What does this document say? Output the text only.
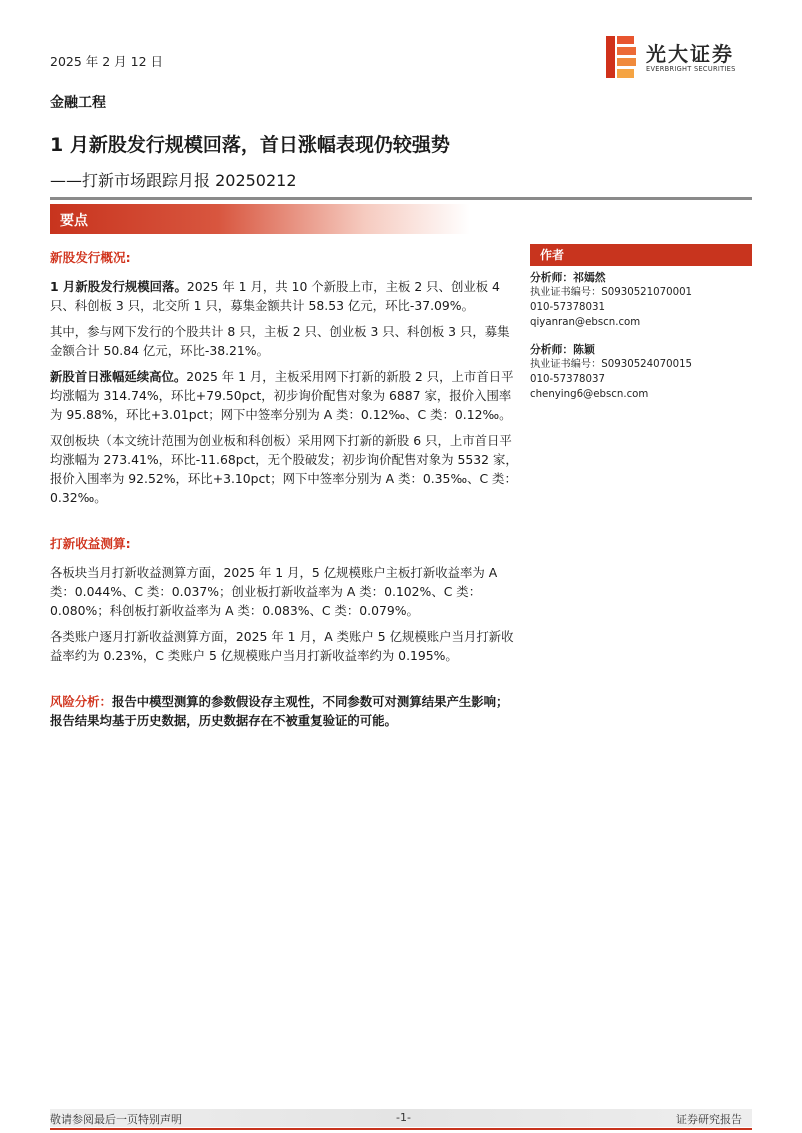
2025 年 2 月 12 日	光大证券
EVERBRIGHT SECURITIES
金融工程
1 月新股发行规模回落，首日涨幅表现仍较强势
——打新市场跟踪月报 20250212
要点

新股发行概况:

1 月新股发行规模回落。2025 年 1 月，共 10 个新股上市，主板 2 只、创业板 4 只、科创板 3 只，北交所 1 只，募集金额共计 58.53 亿元，环比-37.09%。

其中，参与网下发行的个股共计 8 只，主板 2 只、创业板 3 只、科创板 3 只，募集金额合计 50.84 亿元，环比-38.21%。

新股首日涨幅延续高位。2025 年 1 月，主板采用网下打新的新股 2 只，上市首日平均涨幅为 314.74%，环比+79.50pct，初步询价配售对象为 6887 家，报价入围率为 95.88%，环比+3.01pct；网下中签率分别为 A 类：0.12‰、C 类：0.12‰。

双创板块（本文统计范围为创业板和科创板）采用网下打新的新股 6 只，上市首日平均涨幅为 273.41%，环比-11.68pct，无个股破发；初步询价配售对象为 5532 家，报价入围率为 92.52%，环比+3.10pct；网下中签率分别为 A 类：0.35‰、C 类：0.32‰。

打新收益测算:

各板块当月打新收益测算方面，2025 年 1 月，5 亿规模账户主板打新收益率为 A 类：0.044%、C 类：0.037%；创业板打新收益率为 A 类：0.102%、C 类：0.080%；科创板打新收益率为 A 类：0.083%、C 类：0.079%。

各类账户逐月打新收益测算方面，2025 年 1 月，A 类账户 5 亿规模账户当月打新收益率约为 0.23%，C 类账户 5 亿规模账户当月打新收益率约为 0.195%。

风险分析：报告中模型测算的参数假设存主观性，不同参数可对测算结果产生影响；报告结果均基于历史数据，历史数据存在不被重复验证的可能。

作者
分析师：祁嫣然
执业证书编号：S0930521070001
010-57378031
qiyanran@ebscn.com
分析师：陈颖
执业证书编号：S0930524070015
010-57378037
chenying6@ebscn.com
敬请参阅最后一页特别声明	-1-	证券研究报告
